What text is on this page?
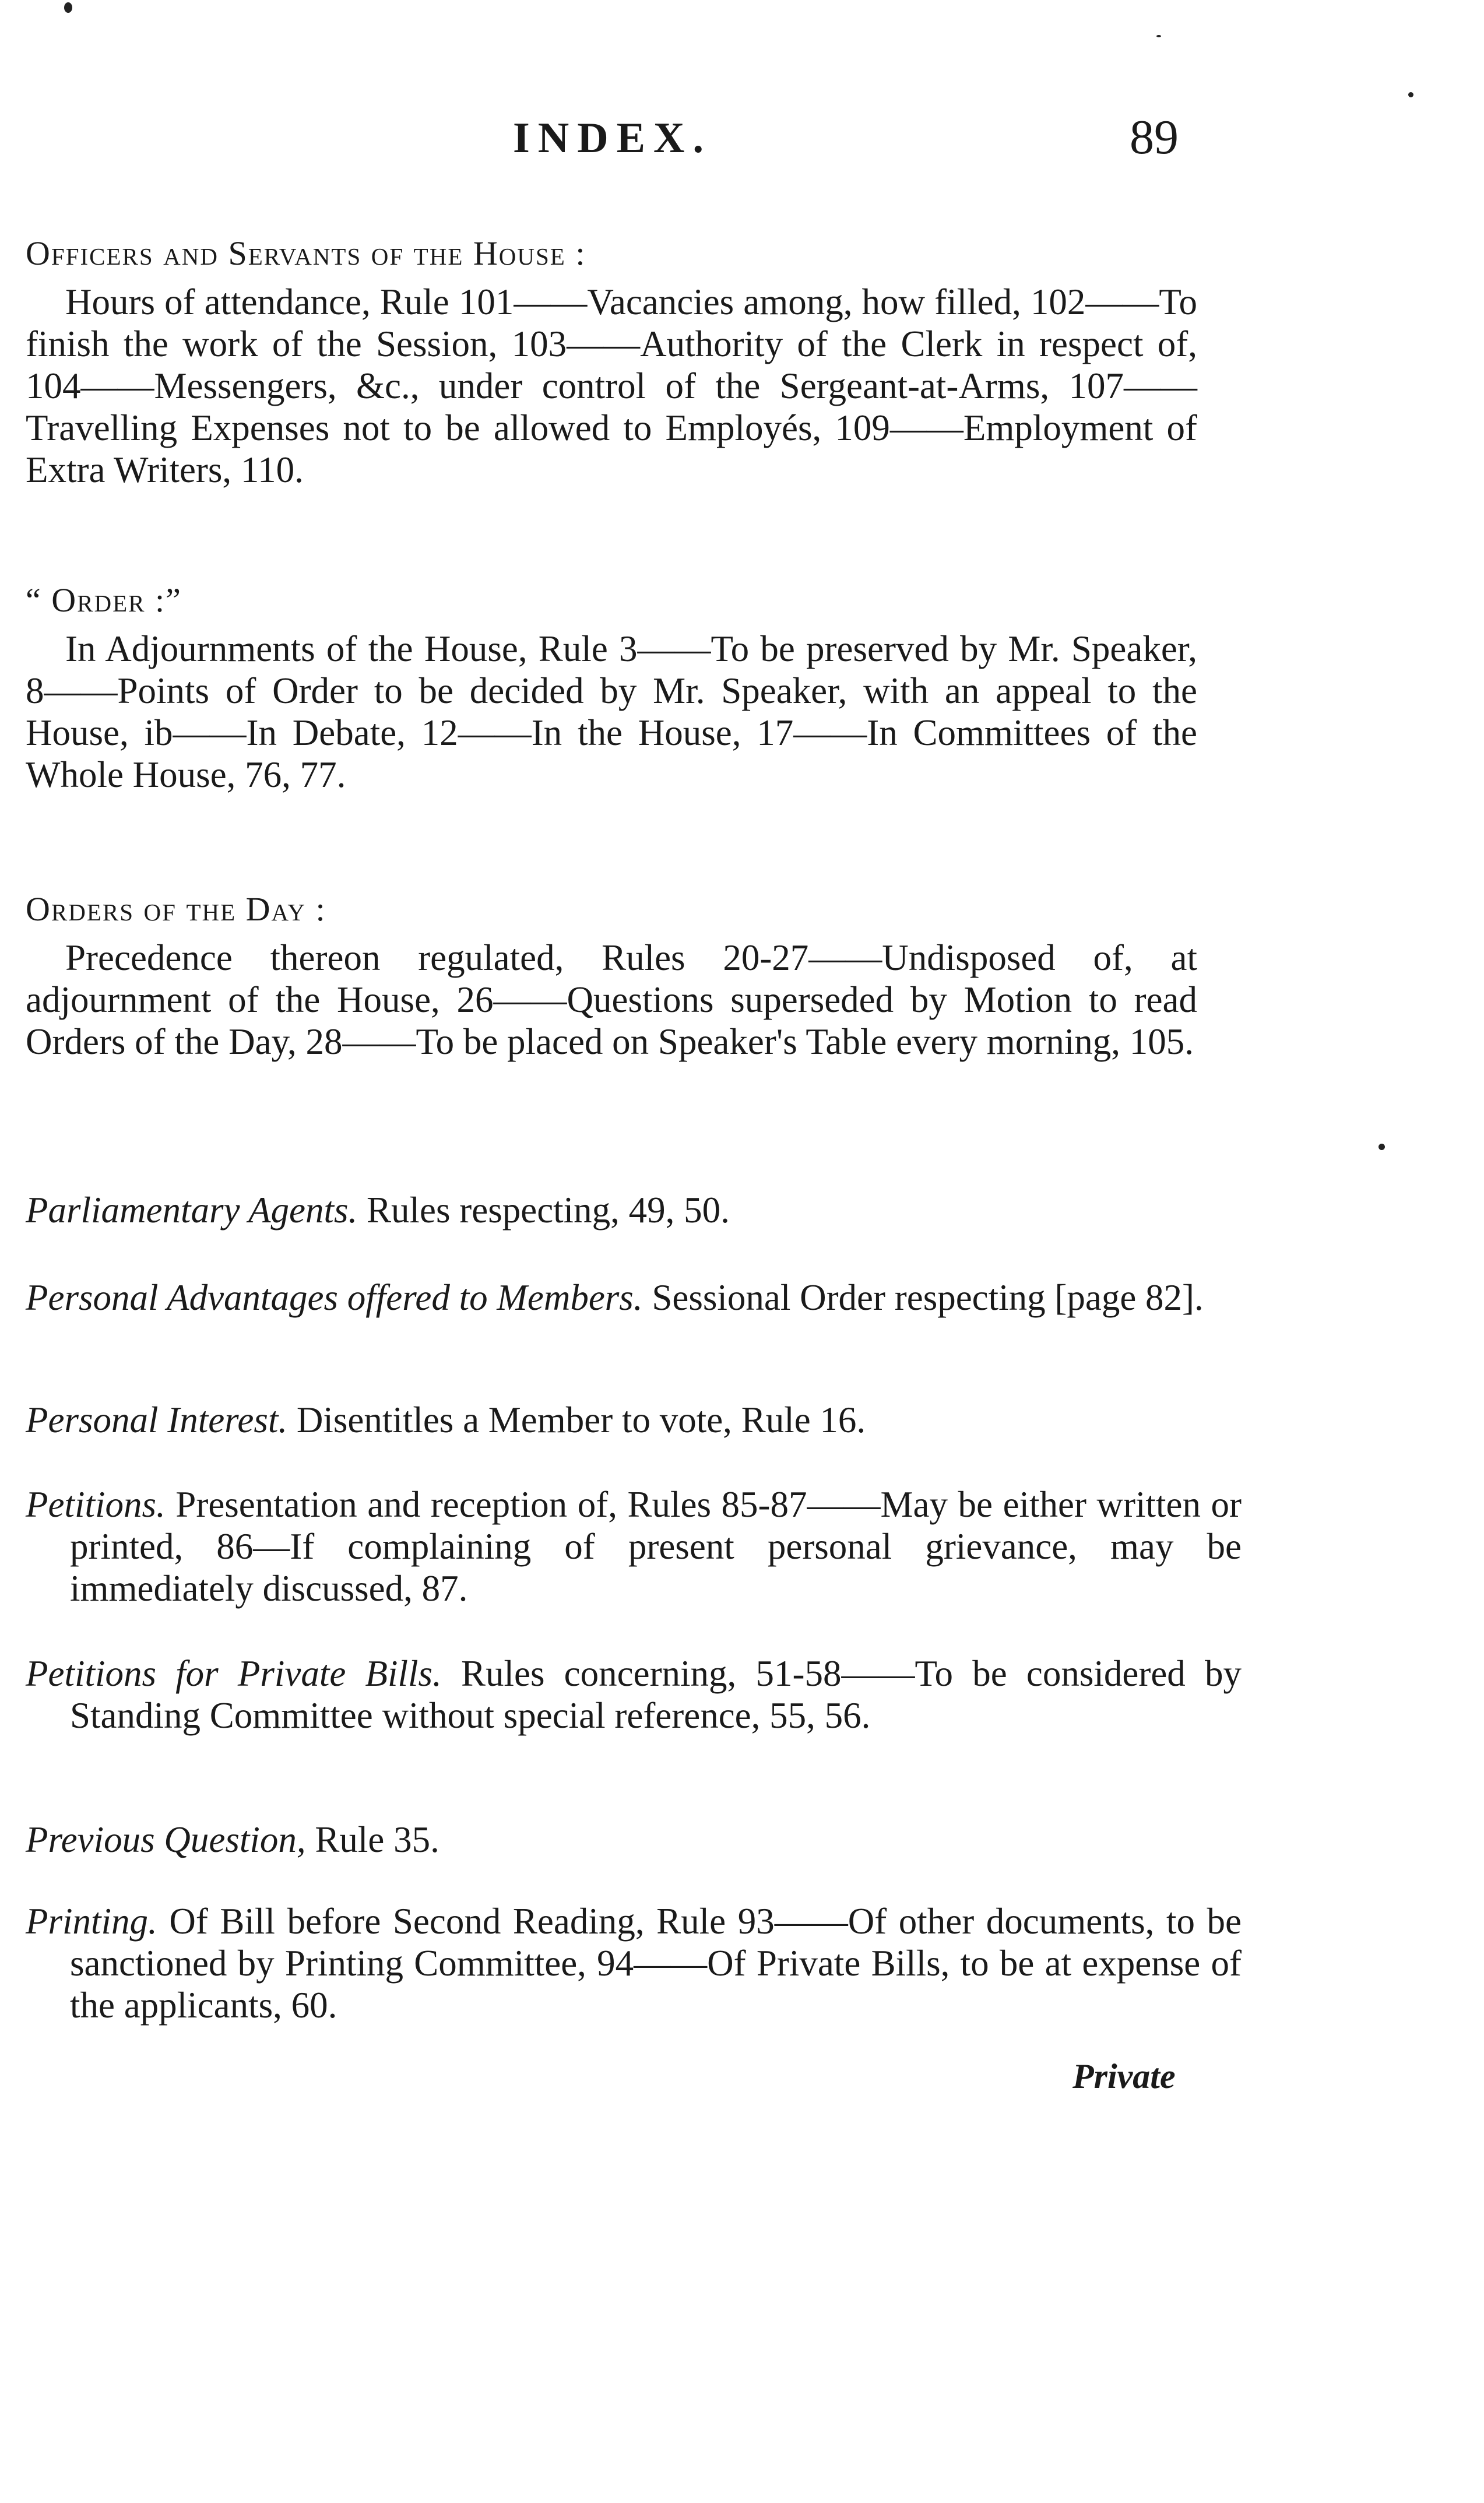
INDEX.	89
Officers and Servants of the House :
Hours of attendance, Rule 101——Vacancies among, how filled, 102——To finish the work of the Session, 103——Authority of the Clerk in respect of, 104——Messengers, &c., under control of the Sergeant-at-Arms, 107——Travelling Expenses not to be allowed to Employés, 109——Employment of Extra Writers, 110.
“ Order :”
In Adjournments of the House, Rule 3——To be preserved by Mr. Speaker, 8——Points of Order to be decided by Mr. Speaker, with an appeal to the House, ib——In Debate, 12——In the House, 17——In Committees of the Whole House, 76, 77.
Orders of the Day :
Precedence thereon regulated, Rules 20-27——Undisposed of, at adjournment of the House, 26——Questions superseded by Motion to read Orders of the Day, 28——To be placed on Speaker's Table every morning, 105.
Parliamentary Agents. Rules respecting, 49, 50.
Personal Advantages offered to Members. Sessional Order respecting [page 82].
Personal Interest. Disentitles a Member to vote, Rule 16.
Petitions. Presentation and reception of, Rules 85-87——May be either written or printed, 86—If complaining of present personal grievance, may be immediately discussed, 87.
Petitions for Private Bills. Rules concerning, 51-58——To be considered by Standing Committee without special reference, 55, 56.
Previous Question, Rule 35.
Printing. Of Bill before Second Reading, Rule 93——Of other documents, to be sanctioned by Printing Committee, 94——Of Private Bills, to be at expense of the applicants, 60.
Private
